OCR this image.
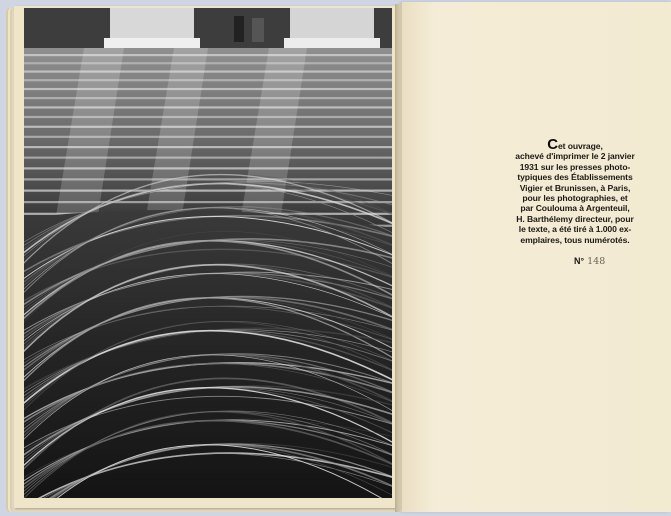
Cet ouvrage,
achevé d'imprimer le 2 janvier
1931 sur les presses photo-
typiques des Établissements
Vigier et Brunissen, à Paris,
pour les photographies, et
par Coulouma à Argenteuil,
H. Barthélemy directeur, pour
le texte, a été tiré à 1.000 ex-
emplaires, tous numérotés.
N° 148
